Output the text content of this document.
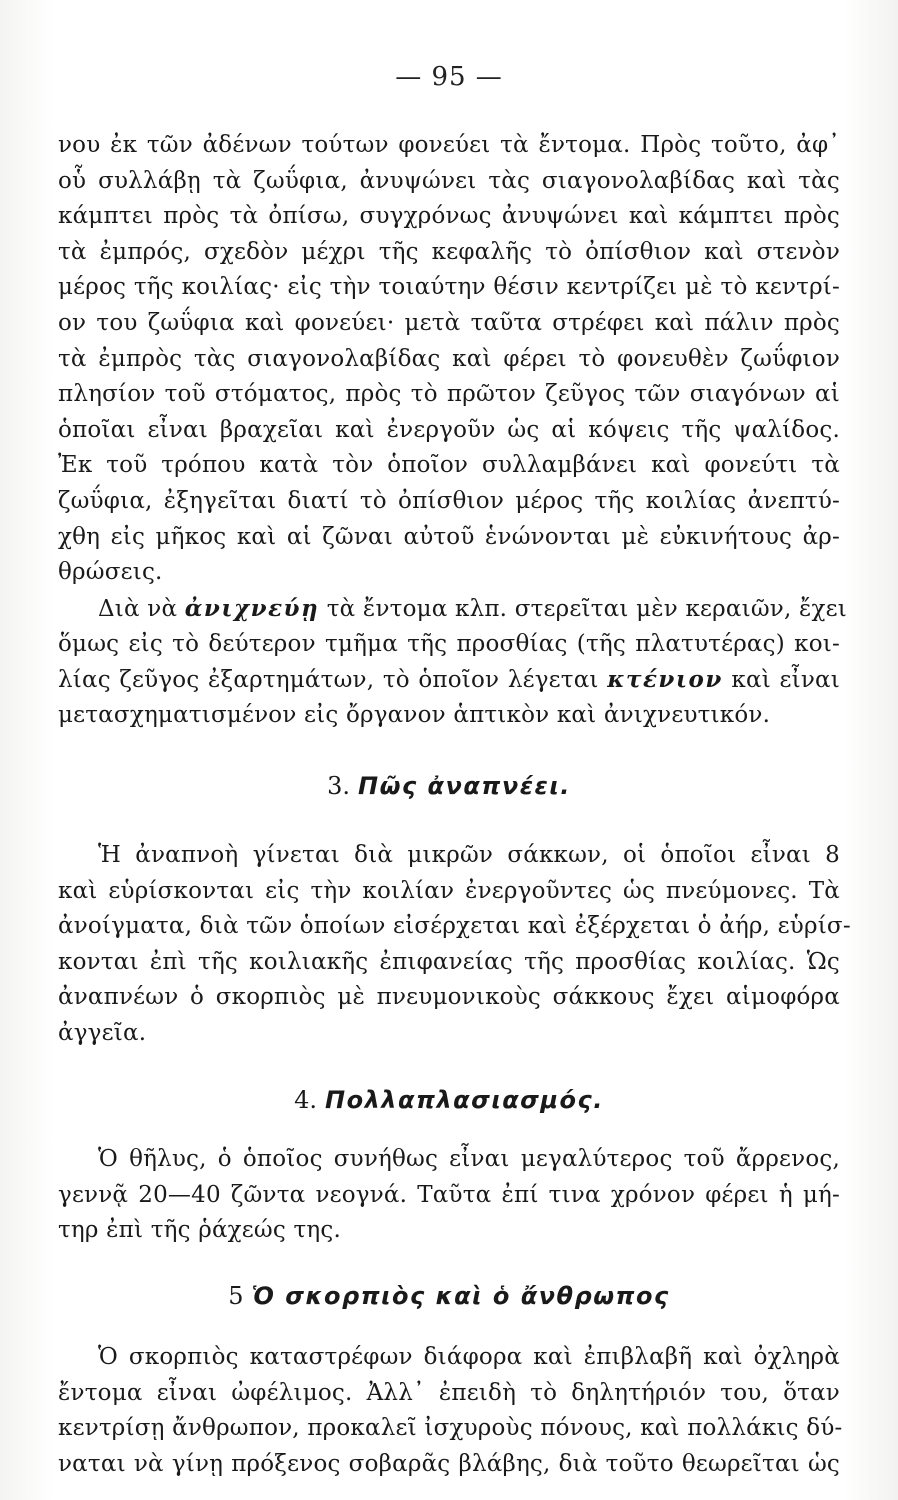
— 95 —
νου ἐκ τῶν ἀδένων τούτων φονεύει τὰ ἔντομα. Πρὸς τοῦτο, ἀφ᾽
οὗ συλλάβῃ τὰ ζωΰφια, ἀνυψώνει τὰς σιαγονολαβίδας καὶ τὰς
κάμπτει πρὸς τὰ ὀπίσω, συγχρόνως ἀνυψώνει καὶ κάμπτει πρὸς
τὰ ἐμπρός, σχεδὸν μέχρι τῆς κεφαλῆς τὸ ὀπίσθιον καὶ στενὸν
μέρος τῆς κοιλίας· εἰς τὴν τοιαύτην θέσιν κεντρίζει μὲ τὸ κεντρί-
ον του ζωΰφια καὶ φονεύει· μετὰ ταῦτα στρέφει καὶ πάλιν πρὸς
τὰ ἐμπρὸς τὰς σιαγονολαβίδας καὶ φέρει τὸ φονευθὲν ζωΰφιον
πλησίον τοῦ στόματος, πρὸς τὸ πρῶτον ζεῦγος τῶν σιαγόνων αἱ
ὁποῖαι εἶναι βραχεῖαι καὶ ἐνεργοῦν ὡς αἱ κόψεις τῆς ψαλίδος.
Ἐκ τοῦ τρόπου κατὰ τὸν ὁποῖον συλλαμβάνει καὶ φονεύτι τὰ
ζωΰφια, ἐξηγεῖται διατί τὸ ὀπίσθιον μέρος τῆς κοιλίας ἀνεπτύ-
χθη εἰς μῆκος καὶ αἱ ζῶναι αὐτοῦ ἑνώνονται μὲ εὐκινήτους ἀρ-
θρώσεις.
Διὰ νὰ ἀνιχνεύῃ τὰ ἔντομα κλπ. στερεῖται μὲν κεραιῶν, ἔχει
ὅμως εἰς τὸ δεύτερον τμῆμα τῆς προσθίας (τῆς πλατυτέρας) κοι-
λίας ζεῦγος ἐξαρτημάτων, τὸ ὁποῖον λέγεται κτένιον καὶ εἶναι
μετασχηματισμένον εἰς ὄργανον ἁπτικὸν καὶ ἀνιχνευτικόν.
3. Πῶς ἀναπνέει.
Ἡ ἀναπνοὴ γίνεται διὰ μικρῶν σάκκων, οἱ ὁποῖοι εἶναι 8
καὶ εὑρίσκονται εἰς τὴν κοιλίαν ἐνεργοῦντες ὡς πνεύμονες. Τὰ
ἀνοίγματα, διὰ τῶν ὁποίων εἰσέρχεται καὶ ἐξέρχεται ὁ ἀήρ, εὑρίσ-
κονται ἐπὶ τῆς κοιλιακῆς ἐπιφανείας τῆς προσθίας κοιλίας. Ὡς
ἀναπνέων ὁ σκορπιὸς μὲ πνευμονικοὺς σάκκους ἔχει αἱμοφόρα
ἀγγεῖα.
4. Πολλαπλασιασμός.
Ὁ θῆλυς, ὁ ὁποῖος συνήθως εἶναι μεγαλύτερος τοῦ ἄρρενος,
γεννᾷ 20—40 ζῶντα νεογνά. Ταῦτα ἐπί τινα χρόνον φέρει ἡ μή-
τηρ ἐπὶ τῆς ῥάχεώς της.
5 Ὁ σκορπιὸς καὶ ὁ ἄνθρωπος
Ὁ σκορπιὸς καταστρέφων διάφορα καὶ ἐπιβλαβῆ καὶ ὀχληρὰ
ἔντομα εἶναι ὠφέλιμος. Ἀλλ᾽ ἐπειδὴ τὸ δηλητήριόν του, ὅταν
κεντρίσῃ ἄνθρωπον, προκαλεῖ ἰσχυροὺς πόνους, καὶ πολλάκις δύ-
ναται νὰ γίνῃ πρόξενος σοβαρᾶς βλάβης, διὰ τοῦτο θεωρεῖται ὡς
